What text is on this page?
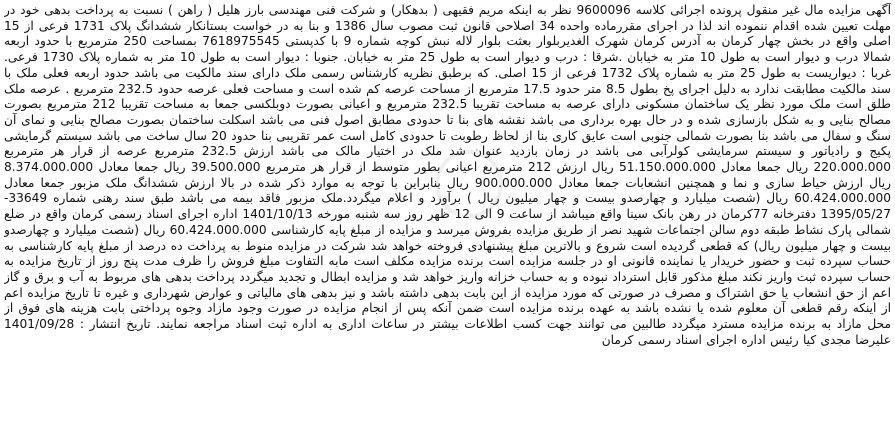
آگهی مزایده مال غیر منقول پرونده اجرائی کلاسه 9600096 نظر به اینکه مریم فقیهی ( بدهکار) و شرکت فنی مهندسی بارز هلیل ( راهن ) نسبت به پرداخت بدهی خود در مهلت تعیین شده اقدام ننموده اند لذا در اجرای مقررماده واحده 34 اصلاحی قانون ثبت مصوب سال 1386 و بنا به در خواست بستانکار ششدانگ پلاک 1731 فرعی از 15 اصلی واقع در بخش چهار کرمان به آدرس کرمان شهرک الغدیربلوار بعثت بلوار لاله نبش کوچه شماره 9 با کدپستی 7618975545 بمساحت 250 مترمربع با حدود اربعه شمالا درب و دیوار است به طول 10 متر به خیابان .شرقا : درب و دیوار است به طول 25 متر به خیابان. جنوبا : دیوار است به طول 10 متر به شماره پلاک 1730 فرعی. غربا : دیواریست به طول 25 متر به شماره پلاک 1732 فرعی از 15 اصلی. که برطبق نظریه کارشناس رسمی ملک دارای سند مالکیت می باشد حدود اربعه فعلی ملک با سند مالکیت مطابقت ندارد به دلیل اجرای پخ بطول 8.5 متر حدود 17.5 مترمربع از مساحت عرصه کم شده است و مساحت فعلی عرصه حدود 232.5 مترمربع . عرصه ملک طلق است ملک مورد نظر یک ساختمان مسکونی دارای عرصه به مساحت تقریبا 232.5 مترمربع و اعیانی بصورت دوبلکسی جمعا به مساحت تقریبا 212 مترمربع بصورت مصالح بنایی و به شکل بازسازی شده و در حال بهره برداری می باشد نقشه های بنا تا حدودی مطابق اصول فنی می باشد اسکلت ساختمان بصورت مصالح بنایی و نمای آن سنگ و سفال می باشد بنا بصورت شمالی جنوبی است عایق کاری بنا از لحاظ رطوبت تا حدودی کامل است عمر تقریبی بنا حدود 20 سال ساخت می باشد سیستم گرمایشی پکیج و رادیاتور و سیستم سرمایشی کولرآبی می باشد در زمان بازدید عنوان شد ملک در اختیار مالک می باشد ارزش 232.5 مترمربع عرصه از قرار هر مترمربع 220.000.000 ریال جمعا معادل 51.150.000.000 ریال ارزش 212 مترمربع اعیانی بطور متوسط از قرار هر مترمربع 39.500.000 ریال جمعا معادل 8.374.000.000 ریال ارزش حیاط سازی و نما و همچنین انشعابات جمعا معادل 900.000.000 ریال بنابراین با توجه به موارد ذکر شده در بالا ارزش ششدانگ ملک مزبور جمعا معادل 60.424.000.000 ریال (شصت میلیارد و چهارصدو بیست و چهار میلیون ریال ) برآورد و اعلام میگردد.ملک مزبور فاقد بیمه می باشد طبق سند رهنی شماره 33649- 1395/05/27 دفترخانه 77کرمان در رهن بانک سینا واقع میباشد از ساعت 9 الی 12 ظهر روز سه شنبه مورخه 1401/10/13 اداره اجرای اسناد رسمی کرمان واقع در ضلع شمالی پارک نشاط طبقه دوم سالن اجتماعات شهید نصر از طریق مزایده بفروش میرسد و مزایده از مبلغ پایه کارشناسی 60.424.000.000 ریال (شصت میلیارد و چهارصدو بیست و چهار میلیون ریال) که قطعی گردیده است شروع و بالاترین مبلغ پیشنهادی فروخته خواهد شد شرکت در مزایده منوط به پرداخت ده درصد از مبلغ پایه کارشناسی به حساب سپرده ثبت و حضور خریدار یا نماینده قانونی او در جلسه مزایده است برنده مزایده مکلف است مابه التفاوت مبلغ فروش را ظرف مدت پنج روز از تاریخ مزایده به حساب سپرده ثبت واریز نکند مبلغ مذکور قابل استرداد نبوده و به حساب خزانه واریز خواهد شد و مزایده ابطال و تجدید میگردد پرداخت بدهی های مربوط به آب و برق و گاز اعم از حق انشعاب یا حق اشتراک و مصرف در صورتی که مورد مزایده از این بابت بدهی داشته باشد و نیز بدهی های مالیاتی و عوارض شهرداری و غیره تا تاریخ مزایده اعم از اینکه رقم قطعی آن معلوم شده یا نشده باشد به عهده برنده مزایده است ضمن آنکه پس از انجام مزایده در صورت وجود مازاد وجوه پرداختی بابت هزینه های فوق از محل مازاد به برنده مزایده مسترد میگردد طالبین می توانند جهت کسب اطلاعات بیشتر در ساعات اداری به اداره ثبت اسناد مراجعه نمایند. تاریخ انتشار : 1401/09/28 علیرضا مجدی کیا رئیس اداره اجرای اسناد رسمی کرمان
